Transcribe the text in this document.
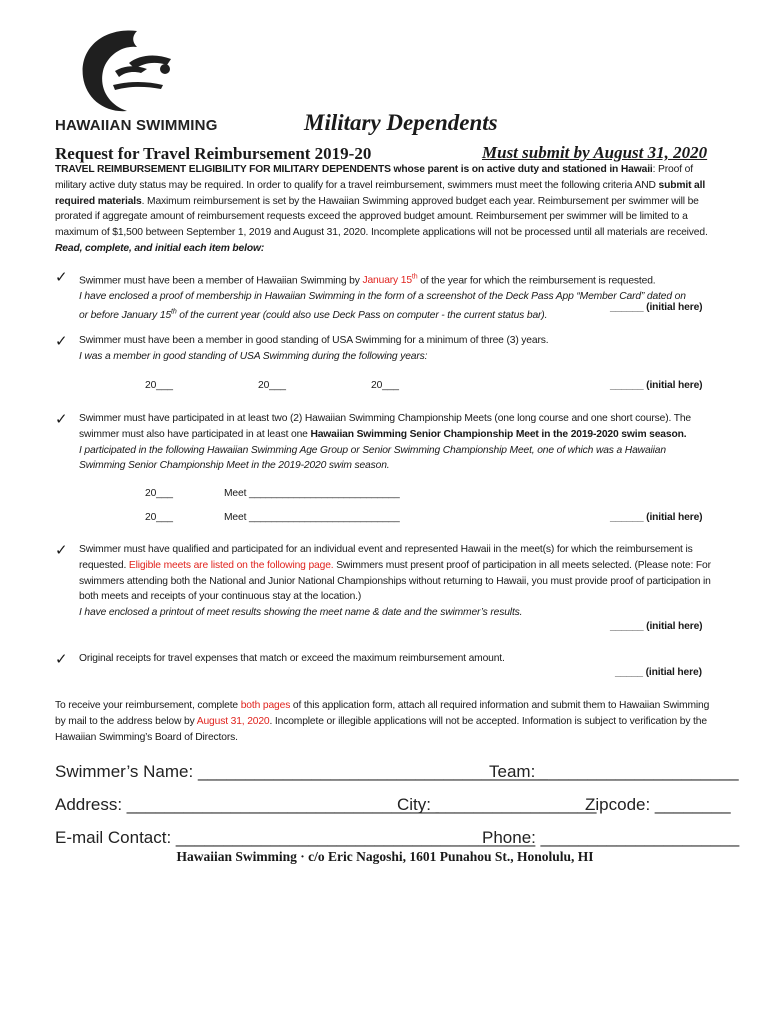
HAWAIIAN SWIMMING	Military Dependents
Request for Travel Reimbursement 2019-20	Must submit by August 31, 2020
TRAVEL REIMBURSEMENT ELIGIBILITY FOR MILITARY DEPENDENTS whose parent is on active duty and stationed in Hawaii: Proof of military active duty status may be required. In order to qualify for a travel reimbursement, swimmers must meet the following criteria AND submit all required materials. Maximum reimbursement is set by the Hawaiian Swimming approved budget each year. Reimbursement per swimmer will be prorated if aggregate amount of reimbursement requests exceed the approved budget amount. Reimbursement per swimmer will be limited to a maximum of $1,500 between September 1, 2019 and August 31, 2020. Incomplete applications will not be processed until all materials are received. Read, complete, and initial each item below:
✓ Swimmer must have been a member of Hawaiian Swimming by January 15th of the year for which the reimbursement is requested.
I have enclosed a proof of membership in Hawaiian Swimming in the form of a screenshot of the Deck Pass App “Member Card” dated on
or before January 15th of the current year (could also use Deck Pass on computer - the current status bar).
______ (initial here)
✓ Swimmer must have been a member in good standing of USA Swimming for a minimum of three (3) years.
I was a member in good standing of USA Swimming during the following years:
20___	20___	20___	______ (initial here)
✓ Swimmer must have participated in at least two (2) Hawaiian Swimming Championship Meets (one long course and one short course). The swimmer must also have participated in at least one Hawaiian Swimming Senior Championship Meet in the 2019-2020 swim season.
I participated in the following Hawaiian Swimming Age Group or Senior Swimming Championship Meet, one of which was a Hawaiian Swimming Senior Championship Meet in the 2019-2020 swim season.
20___	Meet ___________________________
20___	Meet ___________________________	______ (initial here)
✓ Swimmer must have qualified and participated for an individual event and represented Hawaii in the meet(s) for which the reimbursement is requested. Eligible meets are listed on the following page. Swimmers must present proof of participation in all meets selected. (Please note: For swimmers attending both the National and Junior National Championships without returning to Hawaii, you must provide proof of participation in both meets and receipts of your continuous stay at the location.)
I have enclosed a printout of meet results showing the meet name & date and the swimmer’s results.
______ (initial here)
✓ Original receipts for travel expenses that match or exceed the maximum reimbursement amount.
_____ (initial here)
To receive your reimbursement, complete both pages of this application form, attach all required information and submit them to Hawaiian Swimming by mail to the address below by August 31, 2020. Incomplete or illegible applications will not be accepted. Information is subject to verification by the Hawaiian Swimming’s Board of Directors.
Swimmer’s Name: _____________________________________
Team: _____________________
Address: _________________________________
City: _________________
Zipcode: ________
E-mail Contact: ______________________________________
Phone: _____________________
Hawaiian Swimming · c/o Eric Nagoshi, 1601 Punahou St., Honolulu, HI
